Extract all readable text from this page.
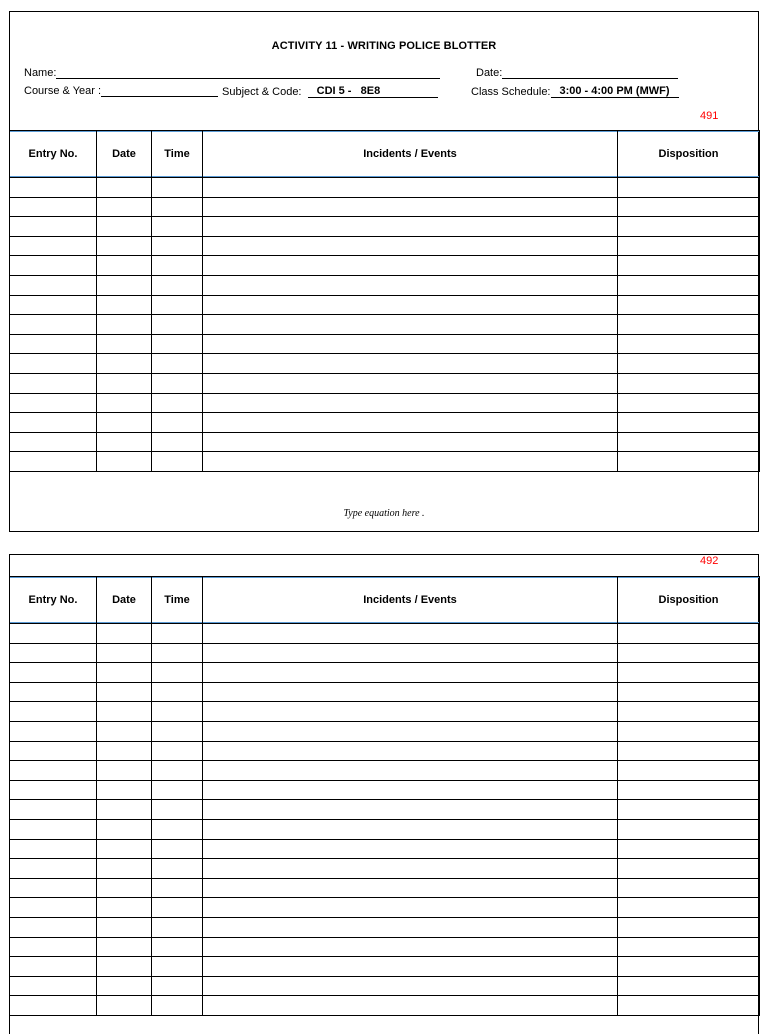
ACTIVITY 11 - WRITING POLICE BLOTTER
Name:	Date:
Course & Year :	Subject & Code: CDI 5 -   8E8	Class Schedule: 3:00 - 4:00 PM (MWF)
491
Entry No.	Date	Time	Incidents / Events	Disposition

Type equation here .
492
Entry No.	Date	Time	Incidents / Events	Disposition
